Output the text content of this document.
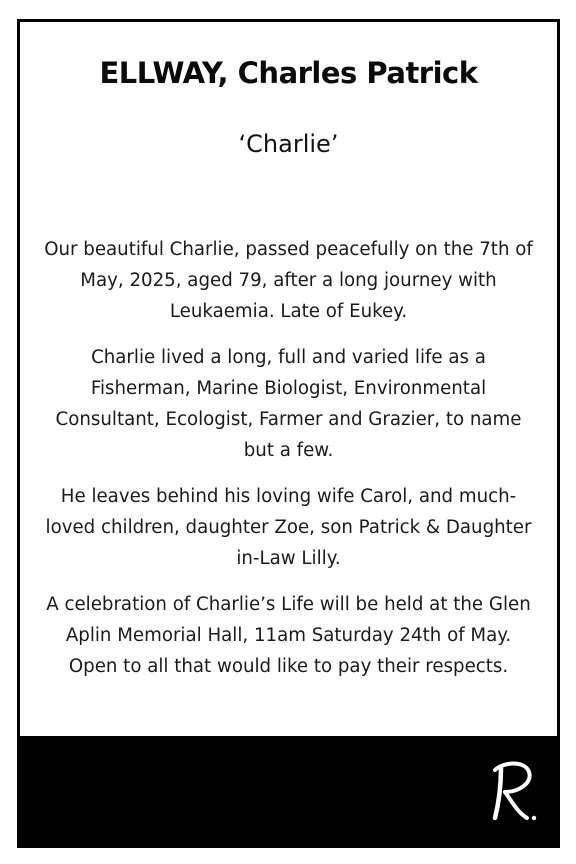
ELLWAY, Charles Patrick
‘Charlie’

Our beautiful Charlie, passed peacefully on the 7th of May, 2025, aged 79, after a long journey with Leukaemia. Late of Eukey.

Charlie lived a long, full and varied life as a Fisherman, Marine Biologist, Environmental Consultant, Ecologist, Farmer and Grazier, to name but a few.

He leaves behind his loving wife Carol, and much-loved children, daughter Zoe, son Patrick & Daughter in-Law Lilly.

A celebration of Charlie’s Life will be held at the Glen Aplin Memorial Hall, 11am Saturday 24th of May. Open to all that would like to pay their respects.
